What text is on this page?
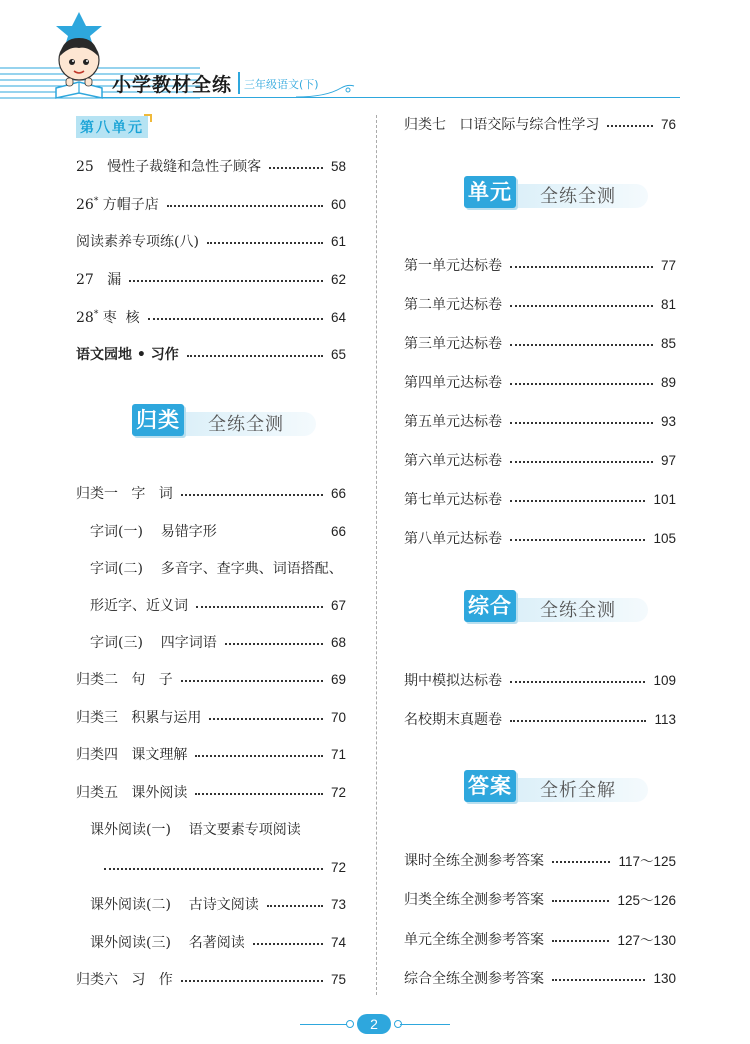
小学教材全练 三年级语文(下)
第八单元
25 慢性子裁缝和急性子顾客	58
26* 方帽子店	60
阅读素养专项练(八)	61
27 漏	62
28* 枣  核	64
语文园地 • 习作	65
归类 全练全测
归类一   字   词	66
字词(一)    易错字形	66
字词(二)    多音字、查字典、词语搭配、
形近字、近义词	67
字词(三)    四字词语	68
归类二   句   子	69
归类三   积累与运用	70
归类四   课文理解	71
归类五   课外阅读	72
课外阅读(一)    语文要素专项阅读
72
课外阅读(二)    古诗文阅读	73
课外阅读(三)    名著阅读	74
归类六   习   作	75
归类七   口语交际与综合性学习	76
单元 全练全测
第一单元达标卷	77
第二单元达标卷	81
第三单元达标卷	85
第四单元达标卷	89
第五单元达标卷	93
第六单元达标卷	97
第七单元达标卷	101
第八单元达标卷	105
综合 全练全测
期中模拟达标卷	109
名校期末真题卷	113
答案 全析全解
课时全练全测参考答案	117～125
归类全练全测参考答案	125～126
单元全练全测参考答案	127～130
综合全练全测参考答案	130
2
